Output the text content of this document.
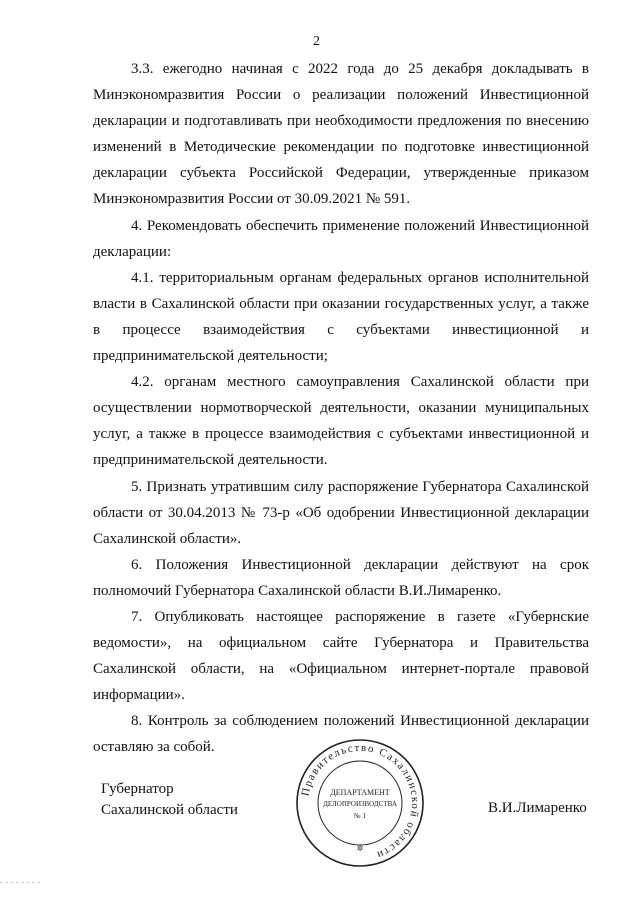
2

3.3. ежегодно начиная с 2022 года до 25 декабря докладывать в Минэкономразвития России о реализации положений Инвестиционной декларации и подготавливать при необходимости предложения по внесению изменений в Методические рекомендации по подготовке инвестиционной декларации субъекта Российской Федерации, утвержденные приказом Минэкономразвития России от 30.09.2021 № 591.

4. Рекомендовать обеспечить применение положений Инвестиционной декларации:

4.1. территориальным органам федеральных органов исполнительной власти в Сахалинской области при оказании государственных услуг, а также в процессе взаимодействия с субъектами инвестиционной и предпринимательской деятельности;

4.2. органам местного самоуправления Сахалинской области при осуществлении нормотворческой деятельности, оказании муниципальных услуг, а также в процессе взаимодействия с субъектами инвестиционной и предпринимательской деятельности.

5. Признать утратившим силу распоряжение Губернатора Сахалинской области от 30.04.2013 № 73-р «Об одобрении Инвестиционной декларации Сахалинской области».

6. Положения Инвестиционной декларации действуют на срок полномочий Губернатора Сахалинской области В.И.Лимаренко.

7. Опубликовать настоящее распоряжение в газете «Губернские ведомости», на официальном сайте Губернатора и Правительства Сахалинской области, на «Официальном интернет-портале правовой информации».

8. Контроль за соблюдением положений Инвестиционной декларации оставляю за собой.

Губернатор
Сахалинской области
Правительство Сахалинской области
ДЕПАРТАМЕНТ
ДЕЛОПРОИЗВОДСТВА
№ 1
✲
В.И.Лимаренко
